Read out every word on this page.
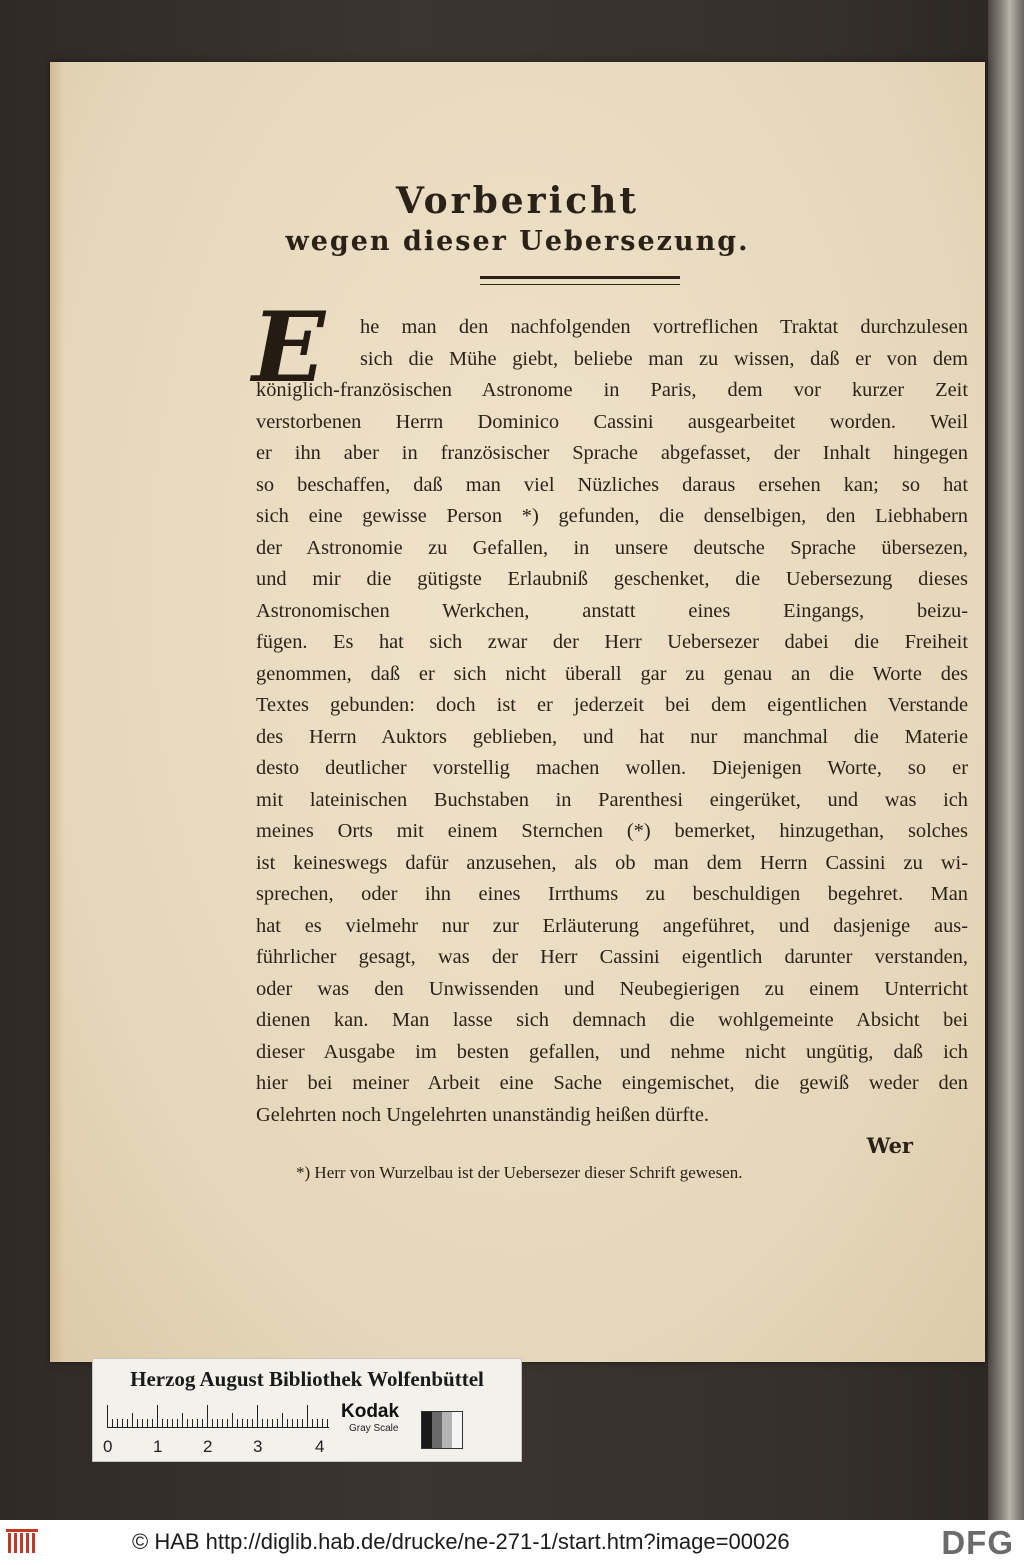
Vorbericht
wegen dieser Uebersezung.
E	he man den nachfolgenden vortreflichen Traktat durchzulesen
sich die Mühe giebt, beliebe man zu wissen, daß er von dem
königlich-französischen Astronome in Paris, dem vor kurzer Zeit
verstorbenen Herrn Dominico Cassini ausgearbeitet worden. Weil
er ihn aber in französischer Sprache abgefasset, der Inhalt hingegen
so beschaffen, daß man viel Nüzliches daraus ersehen kan; so hat
sich eine gewisse Person *) gefunden, die denselbigen, den Liebhabern
der Astronomie zu Gefallen, in unsere deutsche Sprache übersezen,
und mir die gütigste Erlaubniß geschenket, die Uebersezung dieses
Astronomischen Werkchen, anstatt eines Eingangs, beizu-
fügen. Es hat sich zwar der Herr Uebersezer dabei die Freiheit
genommen, daß er sich nicht überall gar zu genau an die Worte des
Textes gebunden: doch ist er jederzeit bei dem eigentlichen Verstande
des Herrn Auktors geblieben, und hat nur manchmal die Materie
desto deutlicher vorstellig machen wollen. Diejenigen Worte, so er
mit lateinischen Buchstaben in Parenthesi eingerüket, und was ich
meines Orts mit einem Sternchen (*) bemerket, hinzugethan, solches
ist keineswegs dafür anzusehen, als ob man dem Herrn Cassini zu wi-
sprechen, oder ihn eines Irrthums zu beschuldigen begehret. Man
hat es vielmehr nur zur Erläuterung angeführet, und dasjenige aus-
führlicher gesagt, was der Herr Cassini eigentlich darunter verstanden,
oder was den Unwissenden und Neubegierigen zu einem Unterricht
dienen kan. Man lasse sich demnach die wohlgemeinte Absicht bei
dieser Ausgabe im besten gefallen, und nehme nicht ungütig, daß ich
hier bei meiner Arbeit eine Sache eingemischet, die gewiß weder den
Gelehrten noch Ungelehrten unanständig heißen dürfte.
Wer
*) Herr von Wurzelbau ist der Uebersezer dieser Schrift gewesen.
Herzog August Bibliothek Wolfenbüttel
0 1 2 3	4
Kodak
Gray Scale
© HAB http://diglib.hab.de/drucke/ne-271-1/start.htm?image=00026	DFG
